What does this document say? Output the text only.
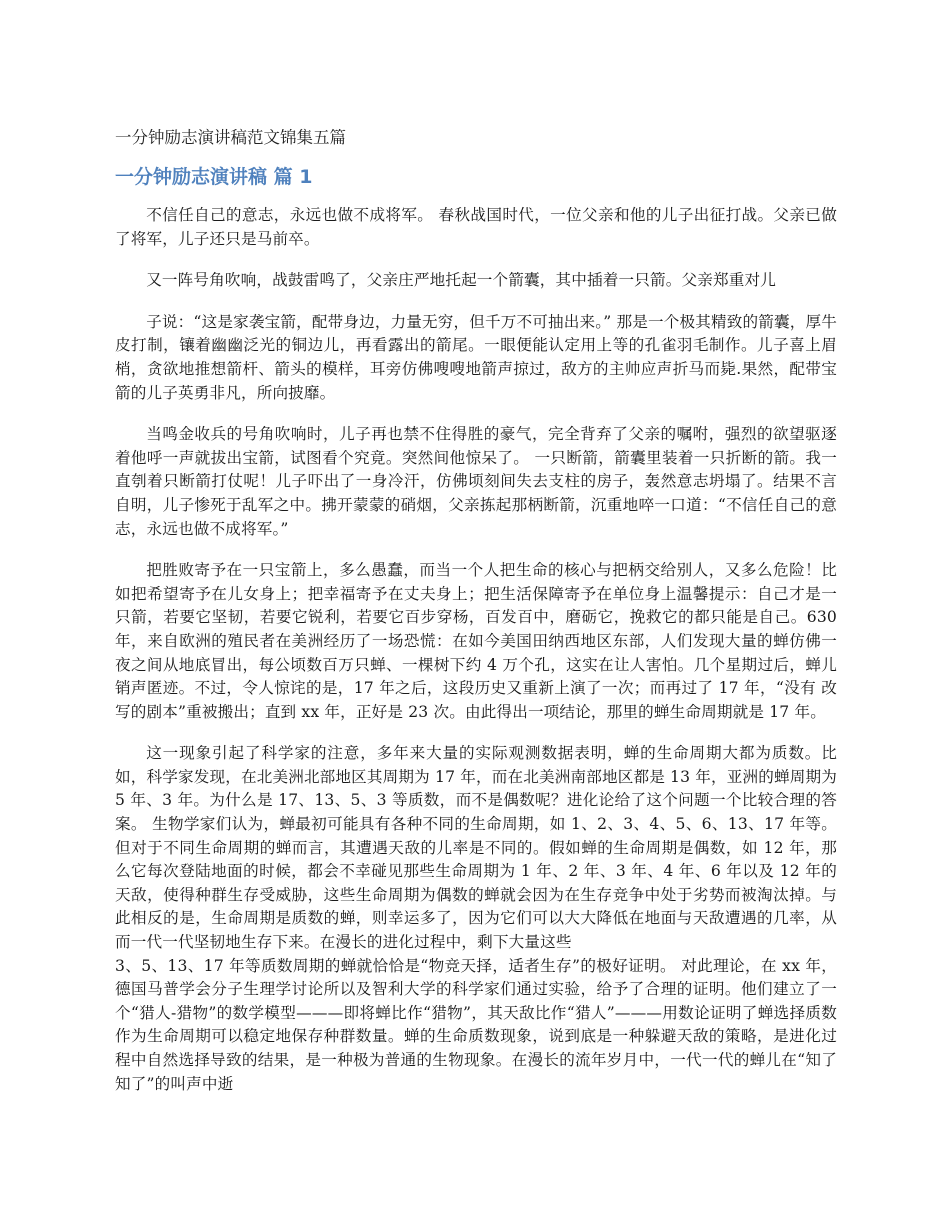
一分钟励志演讲稿范文锦集五篇
一分钟励志演讲稿 篇 1

不信任自己的意志，永远也做不成将军。 春秋战国时代，一位父亲和他的儿子出征打战。父亲已做了将军，儿子还只是马前卒。

又一阵号角吹响，战鼓雷鸣了，父亲庄严地托起一个箭囊，其中插着一只箭。父亲郑重对儿

子说：“这是家袭宝箭，配带身边，力量无穷，但千万不可抽出来。” 那是一个极其精致的箭囊，厚牛皮打制，镶着幽幽泛光的铜边儿，再看露出的箭尾。一眼便能认定用上等的孔雀羽毛制作。儿子喜上眉梢，贪欲地推想箭杆、箭头的模样，耳旁仿佛嗖嗖地箭声掠过，敌方的主帅应声折马而毙.果然，配带宝箭的儿子英勇非凡，所向披靡。

当鸣金收兵的号角吹响时，儿子再也禁不住得胜的豪气，完全背弃了父亲的嘱咐，强烈的欲望驱逐着他呼一声就拔出宝箭，试图看个究竟。突然间他惊呆了。 一只断箭，箭囊里装着一只折断的箭。我一直刳着只断箭打仗呢！儿子吓出了一身冷汗，仿佛顷刻间失去支柱的房子，轰然意志坍塌了。结果不言自明，儿子惨死于乱军之中。拂开蒙蒙的硝烟，父亲拣起那柄断箭，沉重地啐一口道：“不信任自己的意志，永远也做不成将军。”

把胜败寄予在一只宝箭上，多么愚蠢，而当一个人把生命的核心与把柄交给别人，又多么危险！比如把希望寄予在儿女身上；把幸福寄予在丈夫身上；把生活保障寄予在单位身上温馨提示：自己才是一只箭，若要它坚韧，若要它锐利，若要它百步穿杨，百发百中，磨砺它，挽救它的都只能是自己。630 年，来自欧洲的殖民者在美洲经历了一场恐慌：在如今美国田纳西地区东部，人们发现大量的蝉仿佛一夜之间从地底冒出，每公顷数百万只蝉、一棵树下约 4 万个孔，这实在让人害怕。几个星期过后，蝉儿销声匿迹。不过，令人惊诧的是，17 年之后，这段历史又重新上演了一次；而再过了 17 年，“没有 改写的剧本”重被搬出；直到 xx 年，正好是 23 次。由此得出一项结论，那里的蝉生命周期就是 17 年。

这一现象引起了科学家的注意，多年来大量的实际观测数据表明，蝉的生命周期大都为质数。比如，科学家发现，在北美洲北部地区其周期为 17 年，而在北美洲南部地区都是 13 年，亚洲的蝉周期为 5 年、3 年。为什么是 17、13、5、3 等质数，而不是偶数呢？进化论给了这个问题一个比较合理的答案。 生物学家们认为，蝉最初可能具有各种不同的生命周期，如 1、2、3、4、5、6、13、17 年等。但对于不同生命周期的蝉而言，其遭遇天敌的儿率是不同的。假如蝉的生命周期是偶数，如 12 年，那么它每次登陆地面的时候，都会不幸碰见那些生命周期为 1 年、2 年、3 年、4 年、6 年以及 12 年的天敌，使得种群生存受威胁，这些生命周期为偶数的蝉就会因为在生存竞争中处于劣势而被淘汰掉。与此相反的是，生命周期是质数的蝉，则幸运多了，因为它们可以大大降低在地面与天敌遭遇的几率，从而一代一代坚韧地生存下来。在漫长的进化过程中，剩下大量这些

3、5、13、17 年等质数周期的蝉就恰恰是“物竞天择，适者生存”的极好证明。 对此理论，在 xx 年，德国马普学会分子生理学讨论所以及智利大学的科学家们通过实验，给予了合理的证明。他们建立了一个“猎人-猎物”的数学模型———即将蝉比作“猎物”，其天敌比作“猎人”———用数论证明了蝉选择质数作为生命周期可以稳定地保存种群数量。蝉的生命质数现象，说到底是一种躲避天敌的策略，是进化过程中自然选择导致的结果，是一种极为普通的生物现象。在漫长的流年岁月中，一代一代的蝉儿在“知了知了”的叫声中逝
